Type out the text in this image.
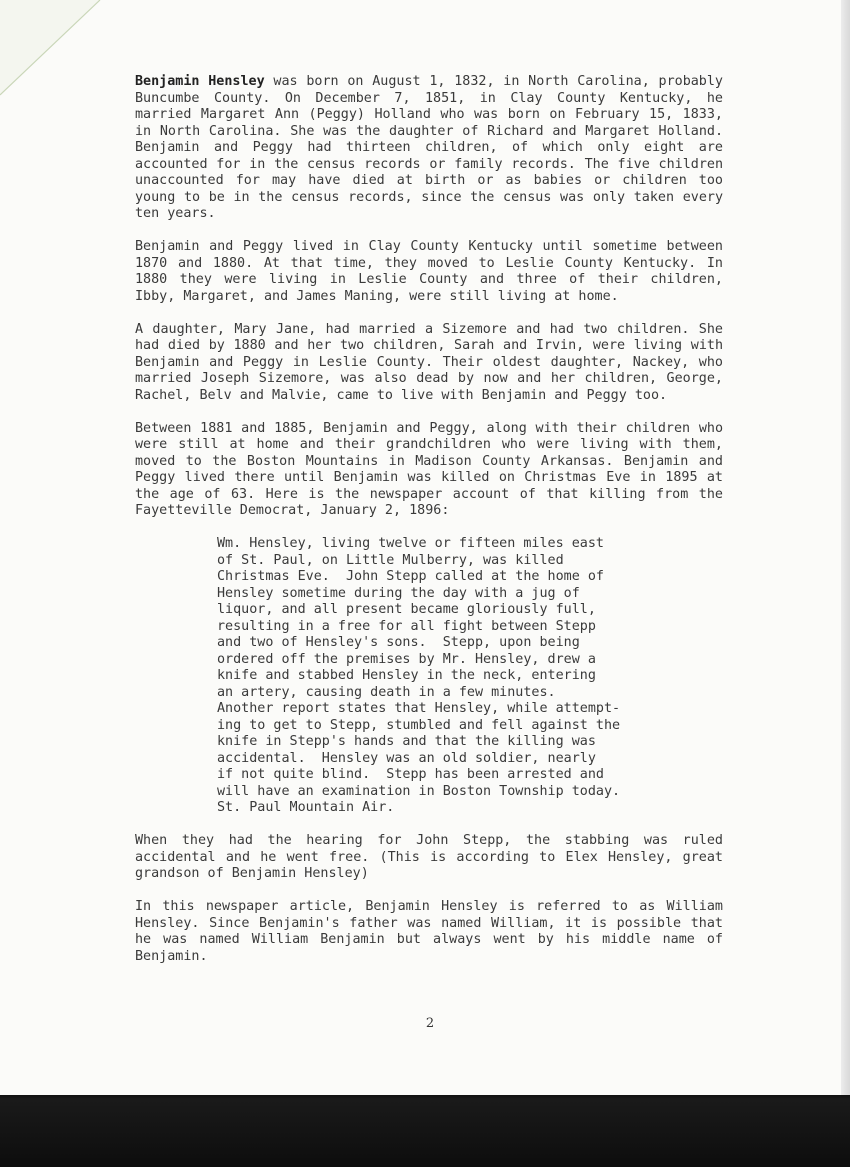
Benjamin Hensley was born on August 1, 1832, in North Carolina, probably Buncumbe County. On December 7, 1851, in Clay County Kentucky, he married Margaret Ann (Peggy) Holland who was born on February 15, 1833, in North Carolina. She was the daughter of Richard and Margaret Holland. Benjamin and Peggy had thirteen children, of which only eight are accounted for in the census records or family records. The five children unaccounted for may have died at birth or as babies or children too young to be in the census records, since the census was only taken every ten years.

Benjamin and Peggy lived in Clay County Kentucky until sometime between 1870 and 1880. At that time, they moved to Leslie County Kentucky. In 1880 they were living in Leslie County and three of their children, Ibby, Margaret, and James Maning, were still living at home.

A daughter, Mary Jane, had married a Sizemore and had two children. She had died by 1880 and her two children, Sarah and Irvin, were living with Benjamin and Peggy in Leslie County. Their oldest daughter, Nackey, who married Joseph Sizemore, was also dead by now and her children, George, Rachel, Belv and Malvie, came to live with Benjamin and Peggy too.

Between 1881 and 1885, Benjamin and Peggy, along with their children who were still at home and their grandchildren who were living with them, moved to the Boston Mountains in Madison County Arkansas. Benjamin and Peggy lived there until Benjamin was killed on Christmas Eve in 1895 at the age of 63. Here is the newspaper account of that killing from the Fayetteville Democrat, January 2, 1896:

Wm. Hensley, living twelve or fifteen miles east
of St. Paul, on Little Mulberry, was killed
Christmas Eve.  John Stepp called at the home of
Hensley sometime during the day with a jug of
liquor, and all present became gloriously full,
resulting in a free for all fight between Stepp
and two of Hensley's sons.  Stepp, upon being
ordered off the premises by Mr. Hensley, drew a
knife and stabbed Hensley in the neck, entering
an artery, causing death in a few minutes.
Another report states that Hensley, while attempt-
ing to get to Stepp, stumbled and fell against the
knife in Stepp's hands and that the killing was
accidental.  Hensley was an old soldier, nearly
if not quite blind.  Stepp has been arrested and
will have an examination in Boston Township today.
St. Paul Mountain Air.

When they had the hearing for John Stepp, the stabbing was ruled accidental and he went free. (This is according to Elex Hensley, great grandson of Benjamin Hensley)

In this newspaper article, Benjamin Hensley is referred to as William Hensley. Since Benjamin's father was named William, it is possible that he was named William Benjamin but always went by his middle name of Benjamin.

2
